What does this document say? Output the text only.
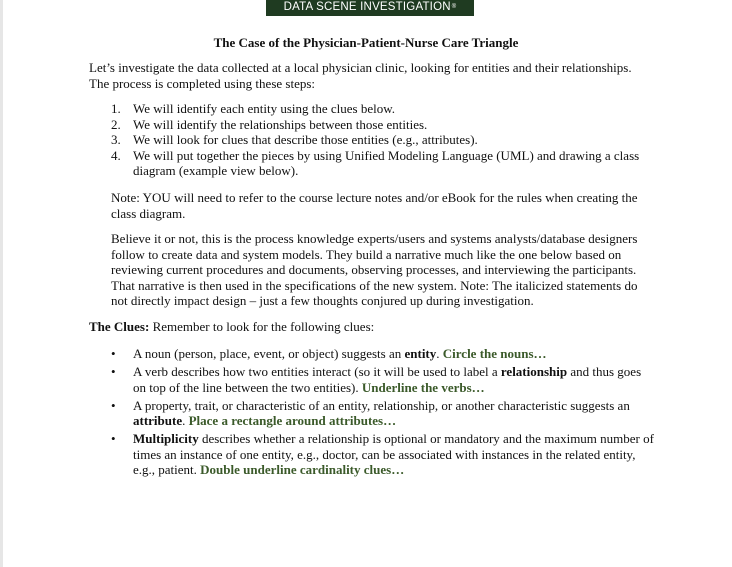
DATA SCENE INVESTIGATION®
The Case of the Physician-Patient-Nurse Care Triangle

Let’s investigate the data collected at a local physician clinic, looking for entities and their relationships. The process is completed using these steps:

1. We will identify each entity using the clues below.
2. We will identify the relationships between those entities.
3. We will look for clues that describe those entities (e.g., attributes).
4. We will put together the pieces by using Unified Modeling Language (UML) and drawing a class diagram (example view below).

Note: YOU will need to refer to the course lecture notes and/or eBook for the rules when creating the class diagram.

Believe it or not, this is the process knowledge experts/users and systems analysts/database designers follow to create data and system models. They build a narrative much like the one below based on reviewing current procedures and documents, observing processes, and interviewing the participants. That narrative is then used in the specifications of the new system. Note: The italicized statements do not directly impact design – just a few thoughts conjured up during investigation.

The Clues: Remember to look for the following clues:

• A noun (person, place, event, or object) suggests an entity. Circle the nouns…
• A verb describes how two entities interact (so it will be used to label a relationship and thus goes on top of the line between the two entities). Underline the verbs…
• A property, trait, or characteristic of an entity, relationship, or another characteristic suggests an attribute. Place a rectangle around attributes…
• Multiplicity describes whether a relationship is optional or mandatory and the maximum number of times an instance of one entity, e.g., doctor, can be associated with instances in the related entity, e.g., patient. Double underline cardinality clues…
